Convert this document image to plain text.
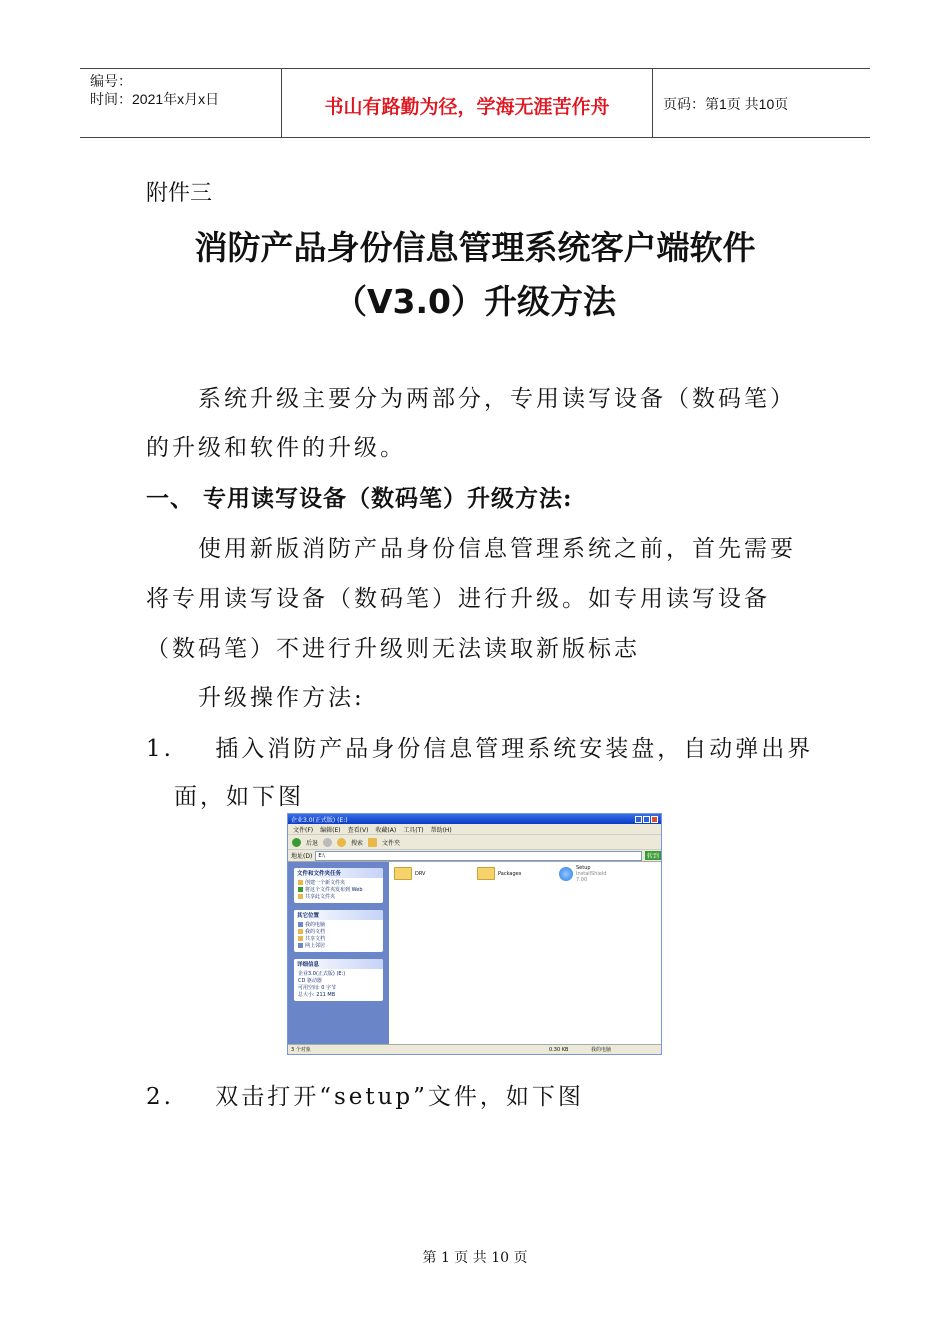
编号：
时间：2021年x月x日	书山有路勤为径，学海无涯苦作舟	页码：第1页 共10页
附件三
消防产品身份信息管理系统客户端软件
（V3.0）升级方法
系统升级主要分为两部分，专用读写设备（数码笔）
的升级和软件的升级。
一、 专用读写设备（数码笔）升级方法:
使用新版消防产品身份信息管理系统之前，首先需要
将专用读写设备（数码笔）进行升级。如专用读写设备
（数码笔）不进行升级则无法读取新版标志
升级操作方法:
1.    插入消防产品身份信息管理系统安装盘，自动弹出界
面，如下图
企业3.0(正式版) (E:)
文件(F) 编辑(E) 查看(V) 收藏(A) 工具(T) 帮助(H)
后退	搜索	文件夹
地址(D)	E:\	转到
文件和文件夹任务
创建一个新文件夹
将这个文件夹发布到 Web
共享此文件夹
其它位置
我的电脑
我的文档
共享文档
网上邻居
详细信息
企业3.0(正式版) (E:)
CD 驱动器
可用空间: 0 字节
总大小: 211 MB
DRV	Packages
Setup
InstallShield
7.00
3 个对象	0.30 KB	我的电脑
2.    双击打开“setup”文件，如下图
第 1 页 共 10 页
